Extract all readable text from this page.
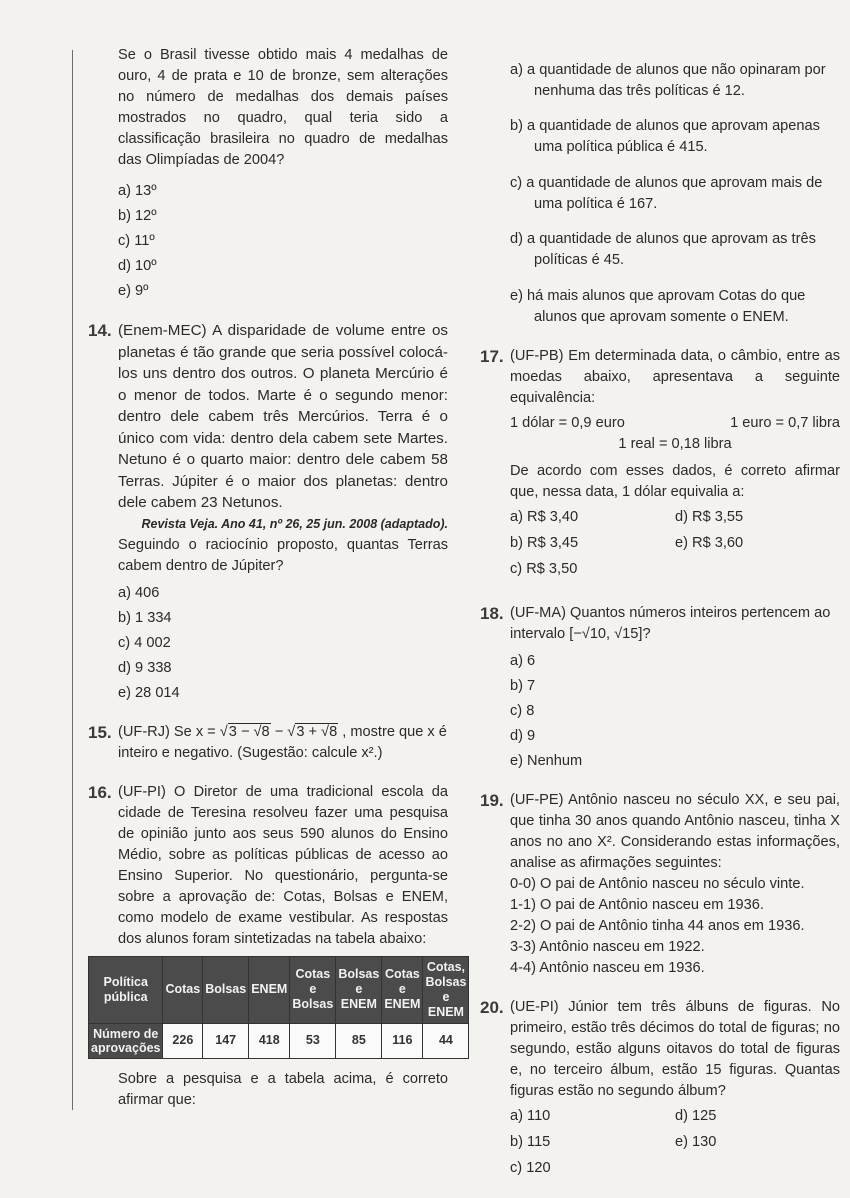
Se o Brasil tivesse obtido mais 4 medalhas de ouro, 4 de prata e 10 de bronze, sem alterações no número de medalhas dos demais países mostrados no quadro, qual teria sido a classificação brasileira no quadro de medalhas das Olimpíadas de 2004?

a) 13º
b) 12º
c) 11º
d) 10º
e) 9º
14. (Enem-MEC) A disparidade de volume entre os planetas é tão grande que seria possível colocá-los uns dentro dos outros. O planeta Mercúrio é o menor de todos. Marte é o segundo menor: dentro dele cabem três Mercúrios. Terra é o único com vida: dentro dela cabem sete Martes. Netuno é o quarto maior: dentro dele cabem 58 Terras. Júpiter é o maior dos planetas: dentro dele cabem 23 Netunos.

Revista Veja. Ano 41, nº 26, 25 jun. 2008 (adaptado).

Seguindo o raciocínio proposto, quantas Terras cabem dentro de Júpiter?

a) 406
b) 1 334
c) 4 002
d) 9 338
e) 28 014
15. (UF-RJ) Se x = √3 − √8 − √3 + √8 , mostre que x é inteiro e negativo. (Sugestão: calcule x².)

16. (UF-PI) O Diretor de uma tradicional escola da cidade de Teresina resolveu fazer uma pesquisa de opinião junto aos seus 590 alunos do Ensino Médio, sobre as políticas públicas de acesso ao Ensino Superior. No questionário, pergunta-se sobre a aprovação de: Cotas, Bolsas e ENEM, como modelo de exame vestibular. As respostas dos alunos foram sintetizadas na tabela abaixo:

Política pública	Cotas	Bolsas	ENEM	Cotas e Bolsas	Bolsas e ENEM	Cotas e ENEM	Cotas, Bolsas e ENEM
Número de aprovações	226	147	418	53	85	116	44

Sobre a pesquisa e a tabela acima, é correto afirmar que:

a) a quantidade de alunos que não opinaram por nenhuma das três políticas é 12.

b) a quantidade de alunos que aprovam apenas uma política pública é 415.

c) a quantidade de alunos que aprovam mais de uma política é 167.

d) a quantidade de alunos que aprovam as três políticas é 45.

e) há mais alunos que aprovam Cotas do que alunos que aprovam somente o ENEM.

17. (UF-PB) Em determinada data, o câmbio, entre as moedas abaixo, apresentava a seguinte equivalência:

1 dólar = 0,9 euro	1 euro = 0,7 libra
1 real = 0,18 libra

De acordo com esses dados, é correto afirmar que, nessa data, 1 dólar equivalia a:

a) R$ 3,40	d) R$ 3,55
b) R$ 3,45	e) R$ 3,60
c) R$ 3,50
18. (UF-MA) Quantos números inteiros pertencem ao intervalo [−√10, √15]?

a) 6
b) 7
c) 8
d) 9
e) Nenhum
19. (UF-PE) Antônio nasceu no século XX, e seu pai, que tinha 30 anos quando Antônio nasceu, tinha X anos no ano X². Considerando estas informações, analise as afirmações seguintes:

0-0) O pai de Antônio nasceu no século vinte.

1-1) O pai de Antônio nasceu em 1936.

2-2) O pai de Antônio tinha 44 anos em 1936.

3-3) Antônio nasceu em 1922.

4-4) Antônio nasceu em 1936.

20. (UE-PI) Júnior tem três álbuns de figuras. No primeiro, estão três décimos do total de figuras; no segundo, estão alguns oitavos do total de figuras e, no terceiro álbum, estão 15 figuras. Quantas figuras estão no segundo álbum?

a) 110	d) 125
b) 115	e) 130
c) 120
